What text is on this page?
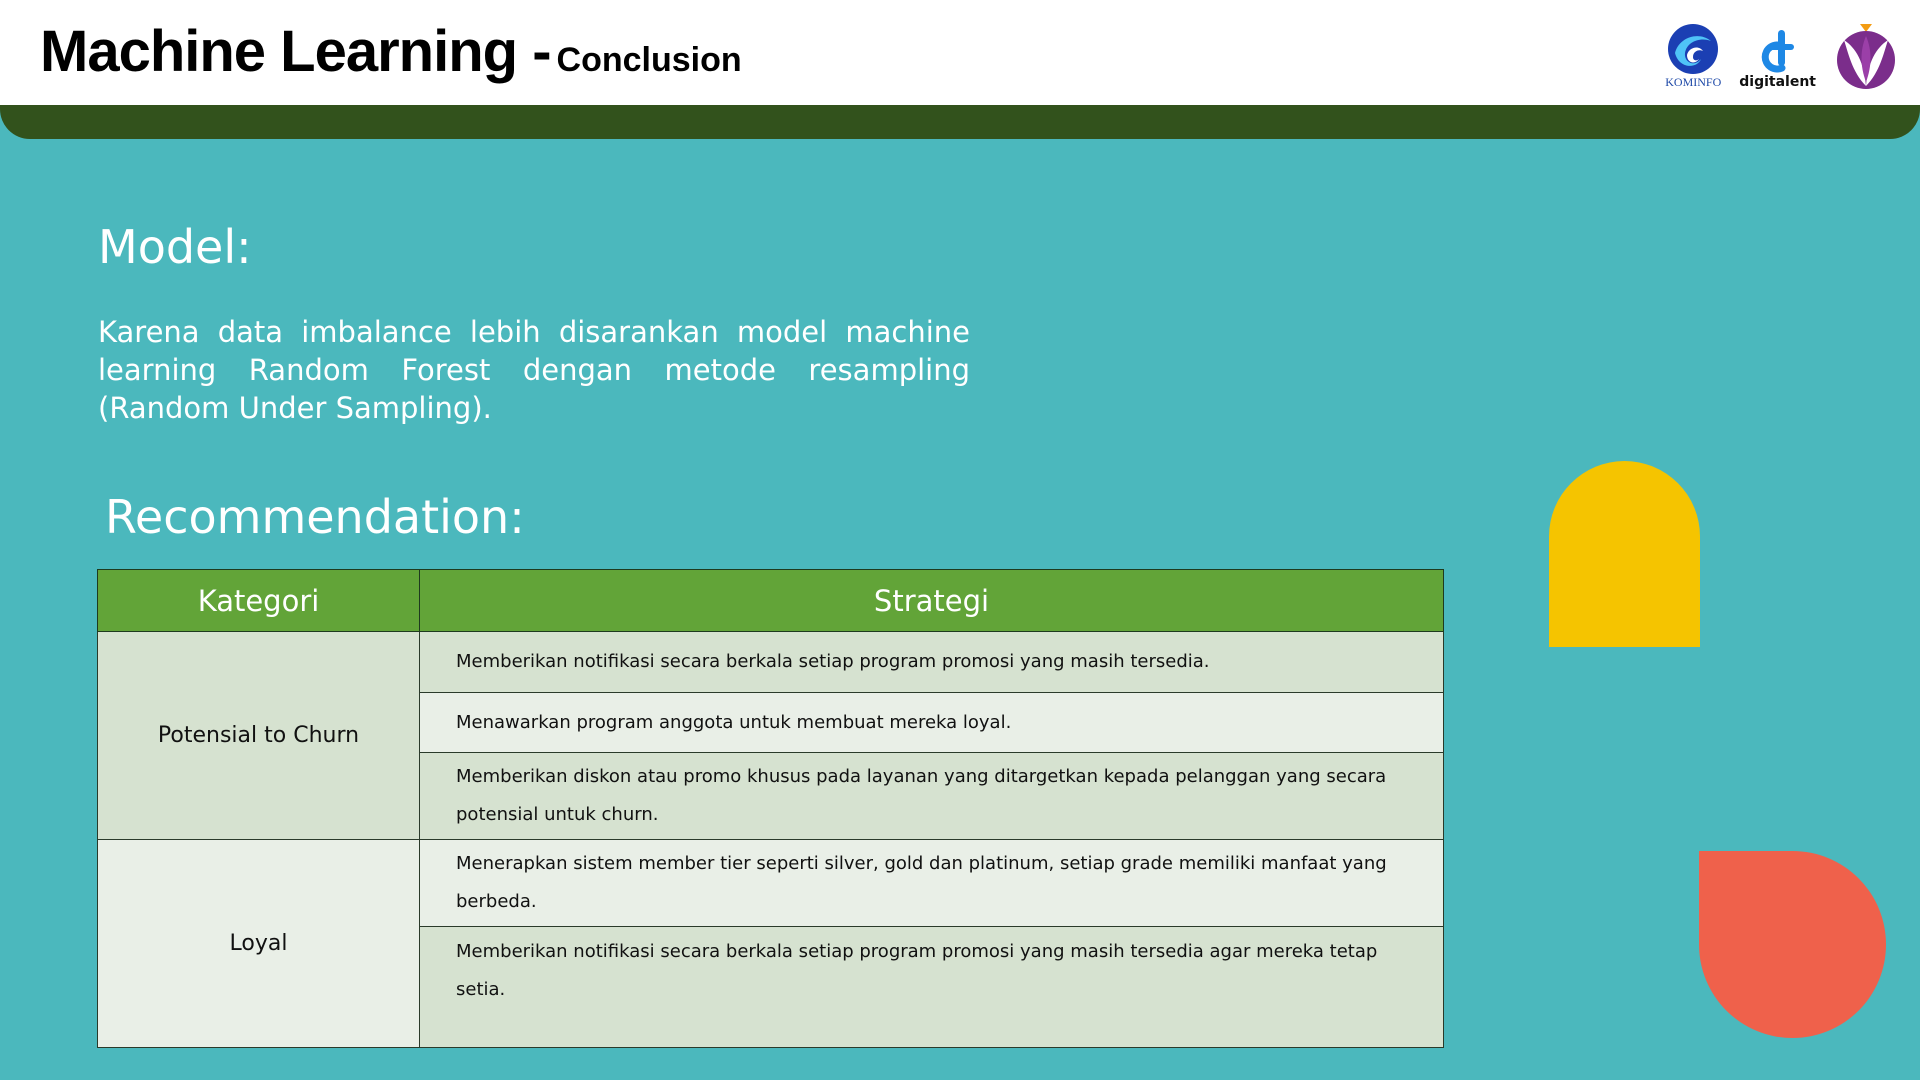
Machine Learning - Conclusion
KOMINFO digitalent
Model:
Karena data imbalance lebih disarankan model machine learning Random Forest dengan metode resampling (Random Under Sampling).
Recommendation:
Kategori	Strategi
Potensial to Churn	Memberikan notifikasi secara berkala setiap program promosi yang masih tersedia.
	Menawarkan program anggota untuk membuat mereka loyal.
	Memberikan diskon atau promo khusus pada layanan yang ditargetkan kepada pelanggan yang secara potensial untuk churn.
Loyal	Menerapkan sistem member tier seperti silver, gold dan platinum, setiap grade memiliki manfaat yang berbeda.
	Memberikan notifikasi secara berkala setiap program promosi yang masih tersedia agar mereka tetap setia.
